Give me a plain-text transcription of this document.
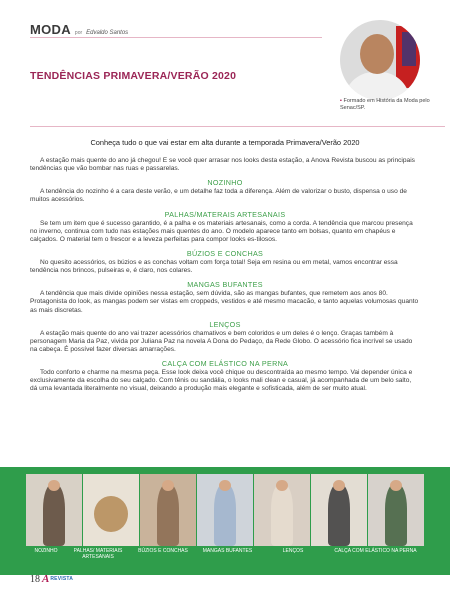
MODA por Edvaldo Santos
TENDÊNCIAS PRIMAVERA/VERÃO 2020
▪ Formado em História da Moda pelo Senac/SP.

Conheça tudo o que vai estar em alta durante a temporada Primavera/Verão 2020

A estação mais quente do ano já chegou! E se você quer arrasar nos looks desta estação, a Anova Revista buscou as principais tendências que vão bombar nas ruas e passarelas.

NOZINHO

A tendência do nozinho é a cara deste verão, e um detalhe faz toda a diferença. Além de valorizar o busto, dispensa o uso de muitos acessórios.

PALHAS/MATERAIS ARTESANAIS

Se tem um item que é sucesso garantido, é a palha e os materiais artesanais, como a corda. A tendência que marcou presença no inverno, continua com tudo nas estações mais quentes do ano. O modelo aparece tanto em bolsas, quanto em chapéus e calçados. O material tem o frescor e a leveza perfeitas para compor looks es-tilosos.

BÚZIOS E CONCHAS

No quesito acessórios, os búzios e as conchas voltam com força total! Seja em resina ou em metal, vamos encontrar essa tendência nos brincos, pulseiras e, é claro, nos colares.

MANGAS BUFANTES

A tendência que mais divide opiniões nessa estação, sem dúvida, são as mangas bufantes, que remetem aos anos 80. Protagonista do look, as mangas podem ser vistas em croppeds, vestidos e até mesmo macacão, e tanto aquelas volumosas quanto as mais discretas.

LENÇOS

A estação mais quente do ano vai trazer acessórios chamativos e bem coloridos e um deles é o lenço. Graças também à personagem Maria da Paz, vivida por Juliana Paz na novela A Dona do Pedaço, da Rede Globo. O acessório fica incrível se usado na cabeça. É possível fazer diversas amarrações.

CALÇA COM ELÁSTICO NA PERNA

Todo conforto e charme na mesma peça. Esse look deixa você chique ou descontraída ao mesmo tempo. Vai depender única e exclusivamente da escolha do seu calçado. Com tênis ou sandália, o looks mali clean e casual, já acompanhada de um belo salto, dá uma levantada literalmente no visual, deixando a produção mais elegante e sofisticada, além de ser muito atual.

NOZINHO	PALHAS/ MATERIAIS ARTESANAIS
BÚZIOS E CONCHAS	MANGAS BUFANTES	LENÇOS	CALÇA COM ELÁSTICO NA PERNA
18 A REVISTA
